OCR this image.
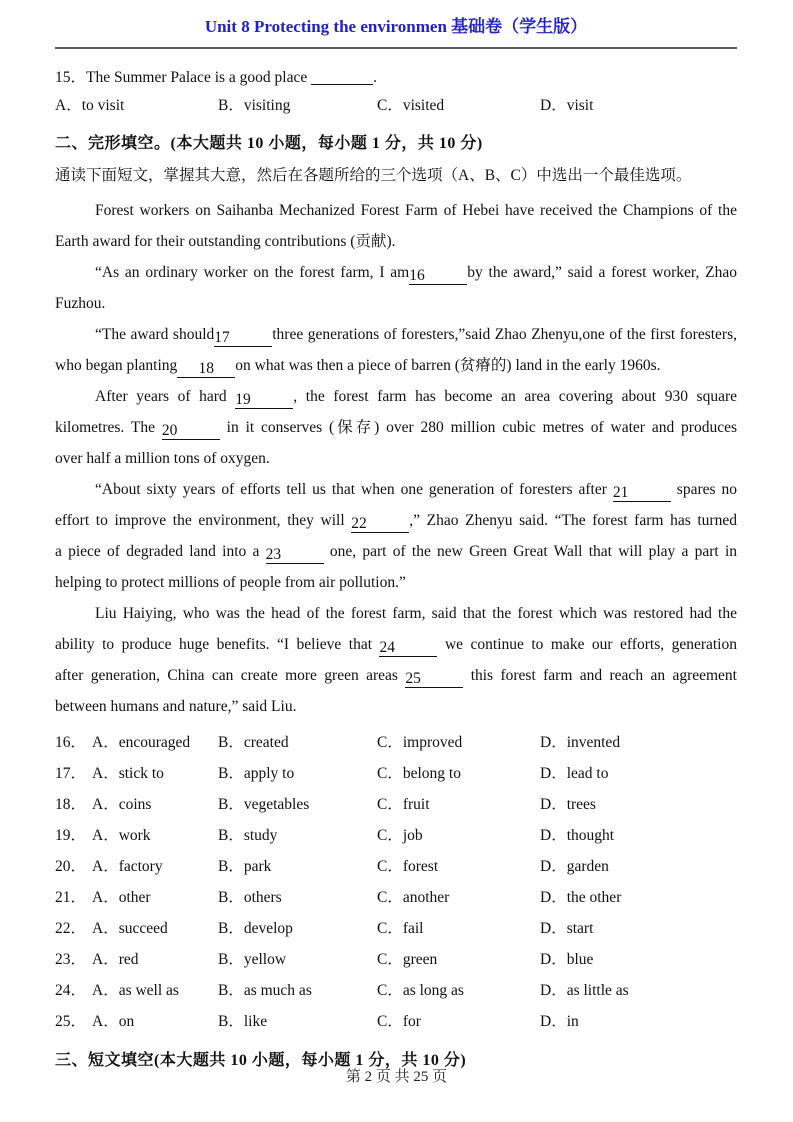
Unit 8 Protecting the environmen 基础卷（学生版）
15．The Summer Palace is a good place	.
A．to visit	B．visiting	C．visited	D．visit
二、完形填空。(本大题共 10 小题，每小题 1 分，共 10 分)
通读下面短文，掌握其大意，然后在各题所给的三个选项（A、B、C）中选出一个最佳选项。
Forest workers on Saihanba Mechanized Forest Farm of Hebei have received the Champions of the
Earth award for their outstanding contributions (贡献).
“As an ordinary worker on the forest farm, I am16	by the award,” said a forest worker, Zhao
Fuzhou.
“The award should17	three generations of foresters,”said Zhao Zhenyu,one of the first foresters,
who began planting 18 on what was then a piece of barren (贫瘠的) land in the early 1960s.
After years of hard 19	, the forest farm has become an area covering about 930 square
kilometres. The 20	in it conserves (保存) over 280 million cubic metres of water and produces
over half a million tons of oxygen.
“About sixty years of efforts tell us that when one generation of foresters after 21	spares no
effort to improve the environment, they will 22	,” Zhao Zhenyu said. “The forest farm has turned
a piece of degraded land into a 23	one, part of the new Green Great Wall that will play a part in
helping to protect millions of people from air pollution.”
Liu Haiying, who was the head of the forest farm, said that the forest which was restored had the
ability to produce huge benefits. “I believe that 24	we continue to make our efforts, generation
after generation, China can create more green areas 25	this forest farm and reach an agreement
between humans and nature,” said Liu.
16． A．encouraged	B．created	C．improved	D．invented
17． A．stick to	B．apply to	C．belong to	D．lead to
18． A．coins	B．vegetables	C．fruit	D．trees
19． A．work	B．study	C．job	D．thought
20． A．factory	B．park	C．forest	D．garden
21． A．other	B．others	C．another	D．the other
22． A．succeed	B．develop	C．fail	D．start
23． A．red	B．yellow	C．green	D．blue
24． A．as well as	B．as much as	C．as long as	D．as little as
25． A．on	B．like	C．for	D．in
三、短文填空(本大题共 10 小题，每小题 1 分，共 10 分)
第 2 页 共 25 页
